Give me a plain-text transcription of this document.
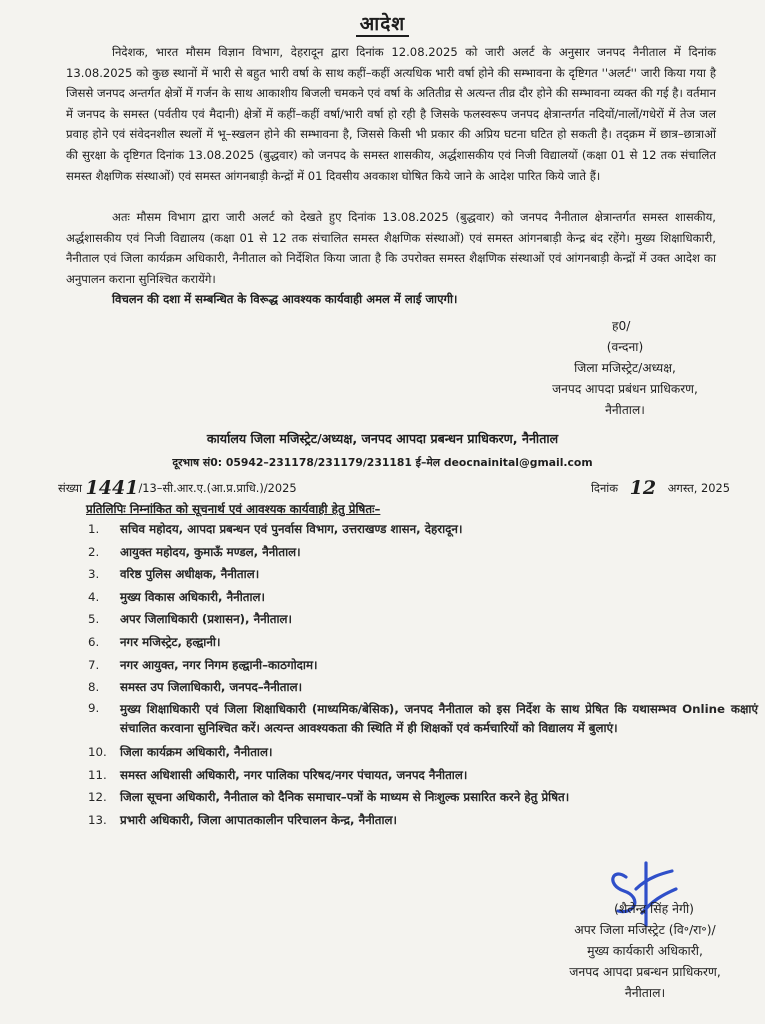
आदेश

निदेशक, भारत मौसम विज्ञान विभाग, देहरादून द्वारा दिनांक 12.08.2025 को जारी अलर्ट के अनुसार जनपद नैनीताल में दिनांक 13.08.2025 को कुछ स्थानों में भारी से बहुत भारी वर्षा के साथ कहीं–कहीं अत्यधिक भारी वर्षा होने की सम्भावना के दृष्टिगत ''अलर्ट'' जारी किया गया है जिससे जनपद अन्तर्गत क्षेत्रों में गर्जन के साथ आकाशीय बिजली चमकने एवं वर्षा के अतितीव्र से अत्यन्त तीव्र दौर होने की सम्भावना व्यक्त की गई है। वर्तमान में जनपद के समस्त (पर्वतीय एवं मैदानी) क्षेत्रों में कहीं–कहीं वर्षा/भारी वर्षा हो रही है जिसके फलस्वरूप जनपद क्षेत्रान्तर्गत नदियों/नालों/गधेरों में तेज जल प्रवाह होने एवं संवेदनशील स्थलों में भू–स्खलन होने की सम्भावना है, जिससे किसी भी प्रकार की अप्रिय घटना घटित हो सकती है। तद्क्रम में छात्र–छात्राओं की सुरक्षा के दृष्टिगत दिनांक 13.08.2025 (बुद्धवार) को जनपद के समस्त शासकीय, अर्द्धशासकीय एवं निजी विद्यालयों (कक्षा 01 से 12 तक संचालित समस्त शैक्षणिक संस्थाओं) एवं समस्त आंगनबाड़ी केन्द्रों में 01 दिवसीय अवकाश घोषित किये जाने के आदेश पारित किये जाते हैं।

अतः मौसम विभाग द्वारा जारी अलर्ट को देखते हुए दिनांक 13.08.2025 (बुद्धवार) को जनपद नैनीताल क्षेत्रान्तर्गत समस्त शासकीय, अर्द्धशासकीय एवं निजी विद्यालय (कक्षा 01 से 12 तक संचालित समस्त शैक्षणिक संस्थाओं) एवं समस्त आंगनबाड़ी केन्द्र बंद रहेंगे। मुख्य शिक्षाधिकारी, नैनीताल एवं जिला कार्यक्रम अधिकारी, नैनीताल को निर्देशित किया जाता है कि उपरोक्त समस्त शैक्षणिक संस्थाओं एवं आंगनबाड़ी केन्द्रों में उक्त आदेश का अनुपालन कराना सुनिश्चित करायेंगे।

विचलन की दशा में सम्बन्धित के विरूद्ध आवश्यक कार्यवाही अमल में लाई जाएगी।

ह0/
(वन्दना)
जिला मजिस्ट्रेट/अध्यक्ष,
जनपद आपदा प्रबंधन प्राधिकरण,
नैनीताल।
कार्यालय जिला मजिस्ट्रेट/अध्यक्ष, जनपद आपदा प्रबन्धन प्राधिकरण, नैनीताल
दूरभाष सं0: 05942–231178/231179/231181 ई–मेल deocnainital@gmail.com
संख्या 1441/13–सी.आर.ए.(आ.प्र.प्राधि.)/2025	दिनांक 12 अगस्त, 2025
प्रतिलिपिः निम्नांकित को सूचनार्थ एवं आवश्यक कार्यवाही हेतु प्रेषितः–
1. सचिव महोदय, आपदा प्रबन्धन एवं पुनर्वास विभाग, उत्तराखण्ड शासन, देहरादून।
2. आयुक्त महोदय, कुमाऊँ मण्डल, नैनीताल।
3. वरिष्ठ पुलिस अधीक्षक, नैनीताल।
4. मुख्य विकास अधिकारी, नैनीताल।
5. अपर जिलाधिकारी (प्रशासन), नैनीताल।
6. नगर मजिस्ट्रेट, हल्द्वानी।
7. नगर आयुक्त, नगर निगम हल्द्वानी–काठगोदाम।
8. समस्त उप जिलाधिकारी, जनपद–नैनीताल।
9. मुख्य शिक्षाधिकारी एवं जिला शिक्षाधिकारी (माध्यमिक/बेसिक), जनपद नैनीताल को इस निर्देश के साथ प्रेषित कि यथासम्भव Online कक्षाएं संचालित करवाना सुनिश्चित करें। अत्यन्त आवश्यकता की स्थिति में ही शिक्षकों एवं कर्मचारियों को विद्यालय में बुलाएं।
10. जिला कार्यक्रम अधिकारी, नैनीताल।
11. समस्त अधिशासी अधिकारी, नगर पालिका परिषद/नगर पंचायत, जनपद नैनीताल।
12. जिला सूचना अधिकारी, नैनीताल को दैनिक समाचार–पत्रों के माध्यम से निःशुल्क प्रसारित करने हेतु प्रेषित।
13. प्रभारी अधिकारी, जिला आपातकालीन परिचालन केन्द्र, नैनीताल।
(शैलेन्द्र सिंह नेगी)
अपर जिला मजिस्ट्रेट (वि॰/रा॰)/
मुख्य कार्यकारी अधिकारी,
जनपद आपदा प्रबन्धन प्राधिकरण,
नैनीताल।
